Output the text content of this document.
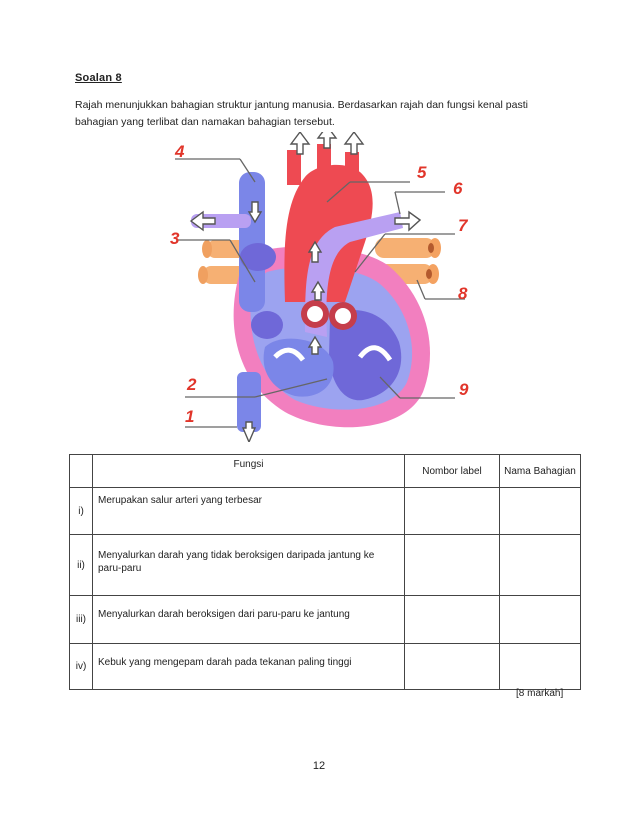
Soalan 8
Rajah menunjukkan bahagian struktur jantung manusia. Berdasarkan rajah dan fungsi kenal pasti bahagian yang terlibat dan namakan bahagian tersebut.
4
5
6
7
3
8
2	9
1
	Fungsi	Nombor label	Nama Bahagian
i)	Merupakan salur arteri yang terbesar		
ii)	Menyalurkan darah yang tidak beroksigen daripada jantung ke paru-paru		
iii)	Menyalurkan darah beroksigen dari paru-paru ke jantung		
iv)	Kebuk yang mengepam darah pada tekanan paling tinggi		
[8 markah]
12
